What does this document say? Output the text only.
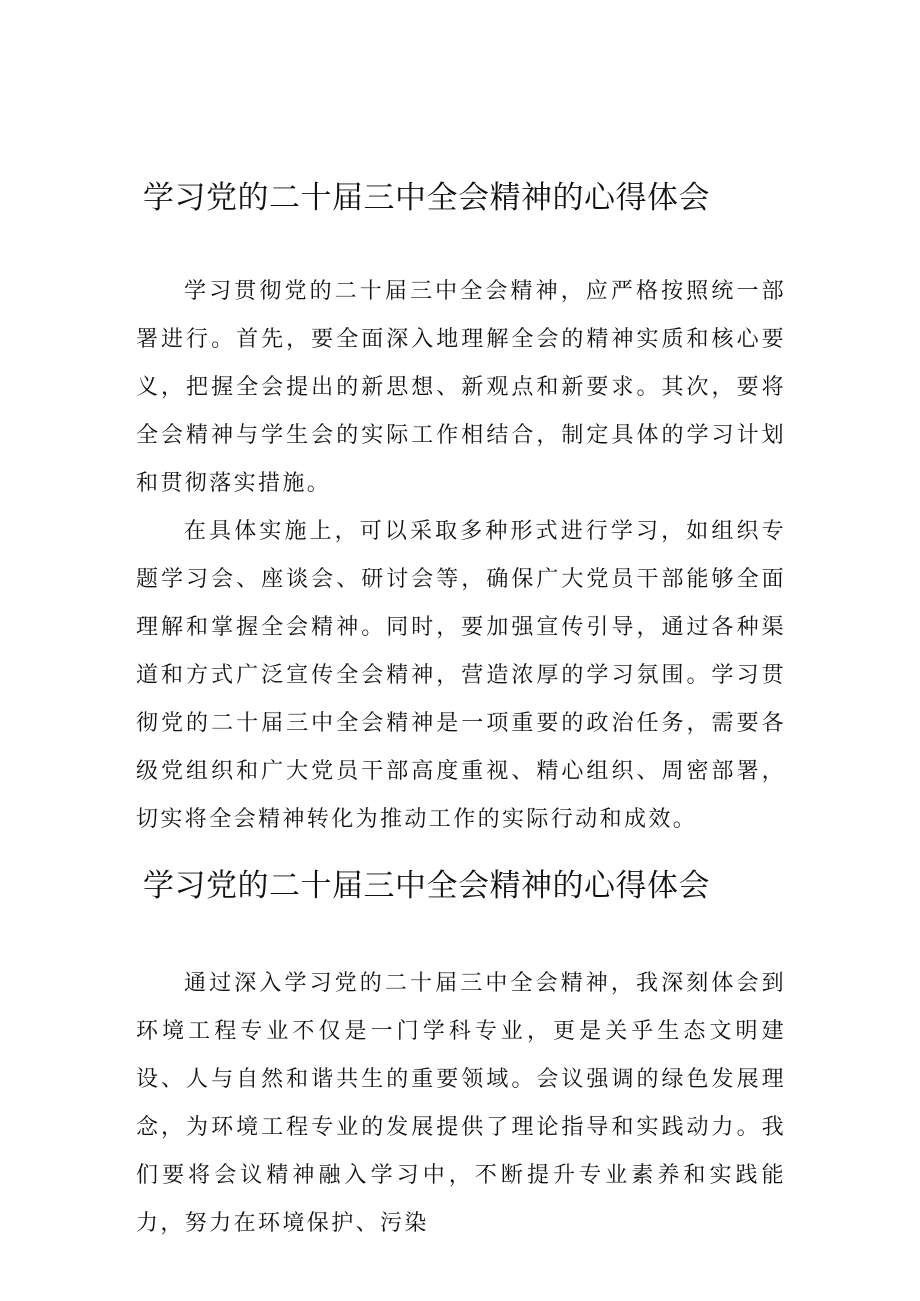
学习党的二十届三中全会精神的心得体会

学习贯彻党的二十届三中全会精神，应严格按照统一部署进行。首先，要全面深入地理解全会的精神实质和核心要义，把握全会提出的新思想、新观点和新要求。其次，要将全会精神与学生会的实际工作相结合，制定具体的学习计划和贯彻落实措施。

在具体实施上，可以采取多种形式进行学习，如组织专题学习会、座谈会、研讨会等，确保广大党员干部能够全面理解和掌握全会精神。同时，要加强宣传引导，通过各种渠道和方式广泛宣传全会精神，营造浓厚的学习氛围。学习贯彻党的二十届三中全会精神是一项重要的政治任务，需要各级党组织和广大党员干部高度重视、精心组织、周密部署，切实将全会精神转化为推动工作的实际行动和成效。

学习党的二十届三中全会精神的心得体会

通过深入学习党的二十届三中全会精神，我深刻体会到环境工程专业不仅是一门学科专业，更是关乎生态文明建设、人与自然和谐共生的重要领域。会议强调的绿色发展理念，为环境工程专业的发展提供了理论指导和实践动力。我们要将会议精神融入学习中，不断提升专业素养和实践能力，努力在环境保护、污染
